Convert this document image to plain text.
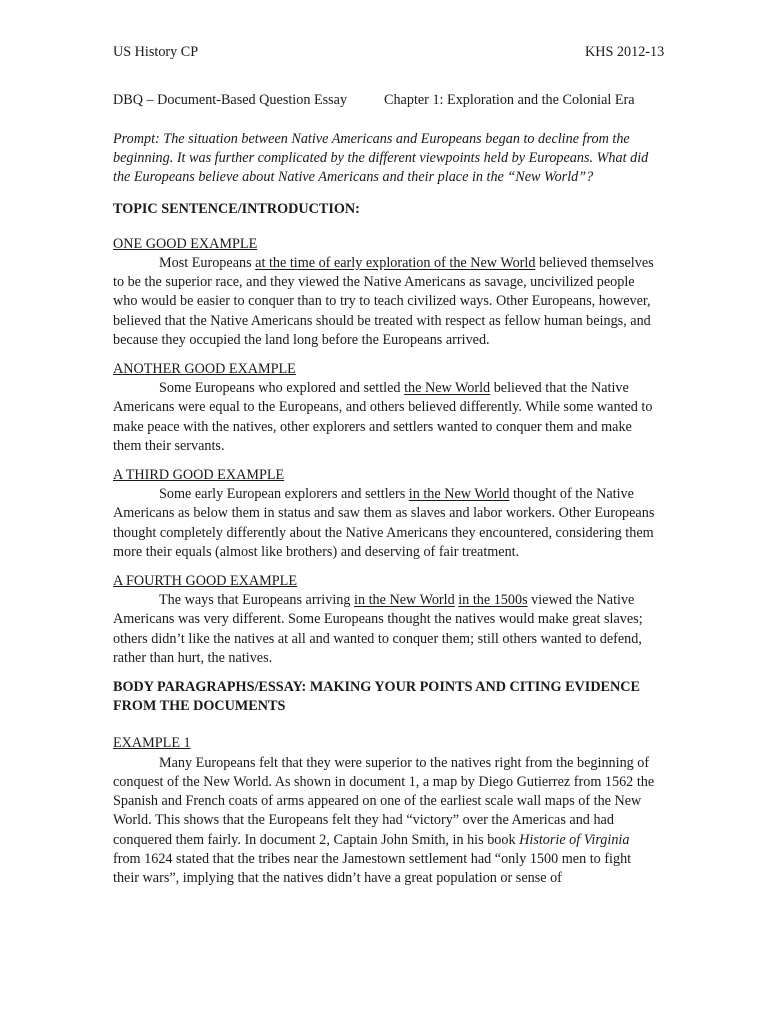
US History CP	KHS 2012-13
DBQ – Document-Based Question Essay	Chapter 1: Exploration and the Colonial Era

Prompt: The situation between Native Americans and Europeans began to decline from the beginning. It was further complicated by the different viewpoints held by Europeans. What did the Europeans believe about Native Americans and their place in the “New World”?

TOPIC SENTENCE/INTRODUCTION:

ONE GOOD EXAMPLE

Most Europeans at the time of early exploration of the New World believed themselves to be the superior race, and they viewed the Native Americans as savage, uncivilized people who would be easier to conquer than to try to teach civilized ways. Other Europeans, however, believed that the Native Americans should be treated with respect as fellow human beings, and because they occupied the land long before the Europeans arrived.

ANOTHER GOOD EXAMPLE

Some Europeans who explored and settled the New World believed that the Native Americans were equal to the Europeans, and others believed differently. While some wanted to make peace with the natives, other explorers and settlers wanted to conquer them and make them their servants.

A THIRD GOOD EXAMPLE

Some early European explorers and settlers in the New World thought of the Native Americans as below them in status and saw them as slaves and labor workers. Other Europeans thought completely differently about the Native Americans they encountered, considering them more their equals (almost like brothers) and deserving of fair treatment.

A FOURTH GOOD EXAMPLE

The ways that Europeans arriving in the New World in the 1500s viewed the Native Americans was very different. Some Europeans thought the natives would make great slaves; others didn’t like the natives at all and wanted to conquer them; still others wanted to defend, rather than hurt, the natives.

BODY PARAGRAPHS/ESSAY: MAKING YOUR POINTS AND CITING EVIDENCE FROM THE DOCUMENTS

EXAMPLE 1

Many Europeans felt that they were superior to the natives right from the beginning of conquest of the New World. As shown in document 1, a map by Diego Gutierrez from 1562 the Spanish and French coats of arms appeared on one of the earliest scale wall maps of the New World. This shows that the Europeans felt they had “victory” over the Americas and had conquered them fairly. In document 2, Captain John Smith, in his book Historie of Virginia from 1624 stated that the tribes near the Jamestown settlement had “only 1500 men to fight their wars”, implying that the natives didn’t have a great population or sense of
